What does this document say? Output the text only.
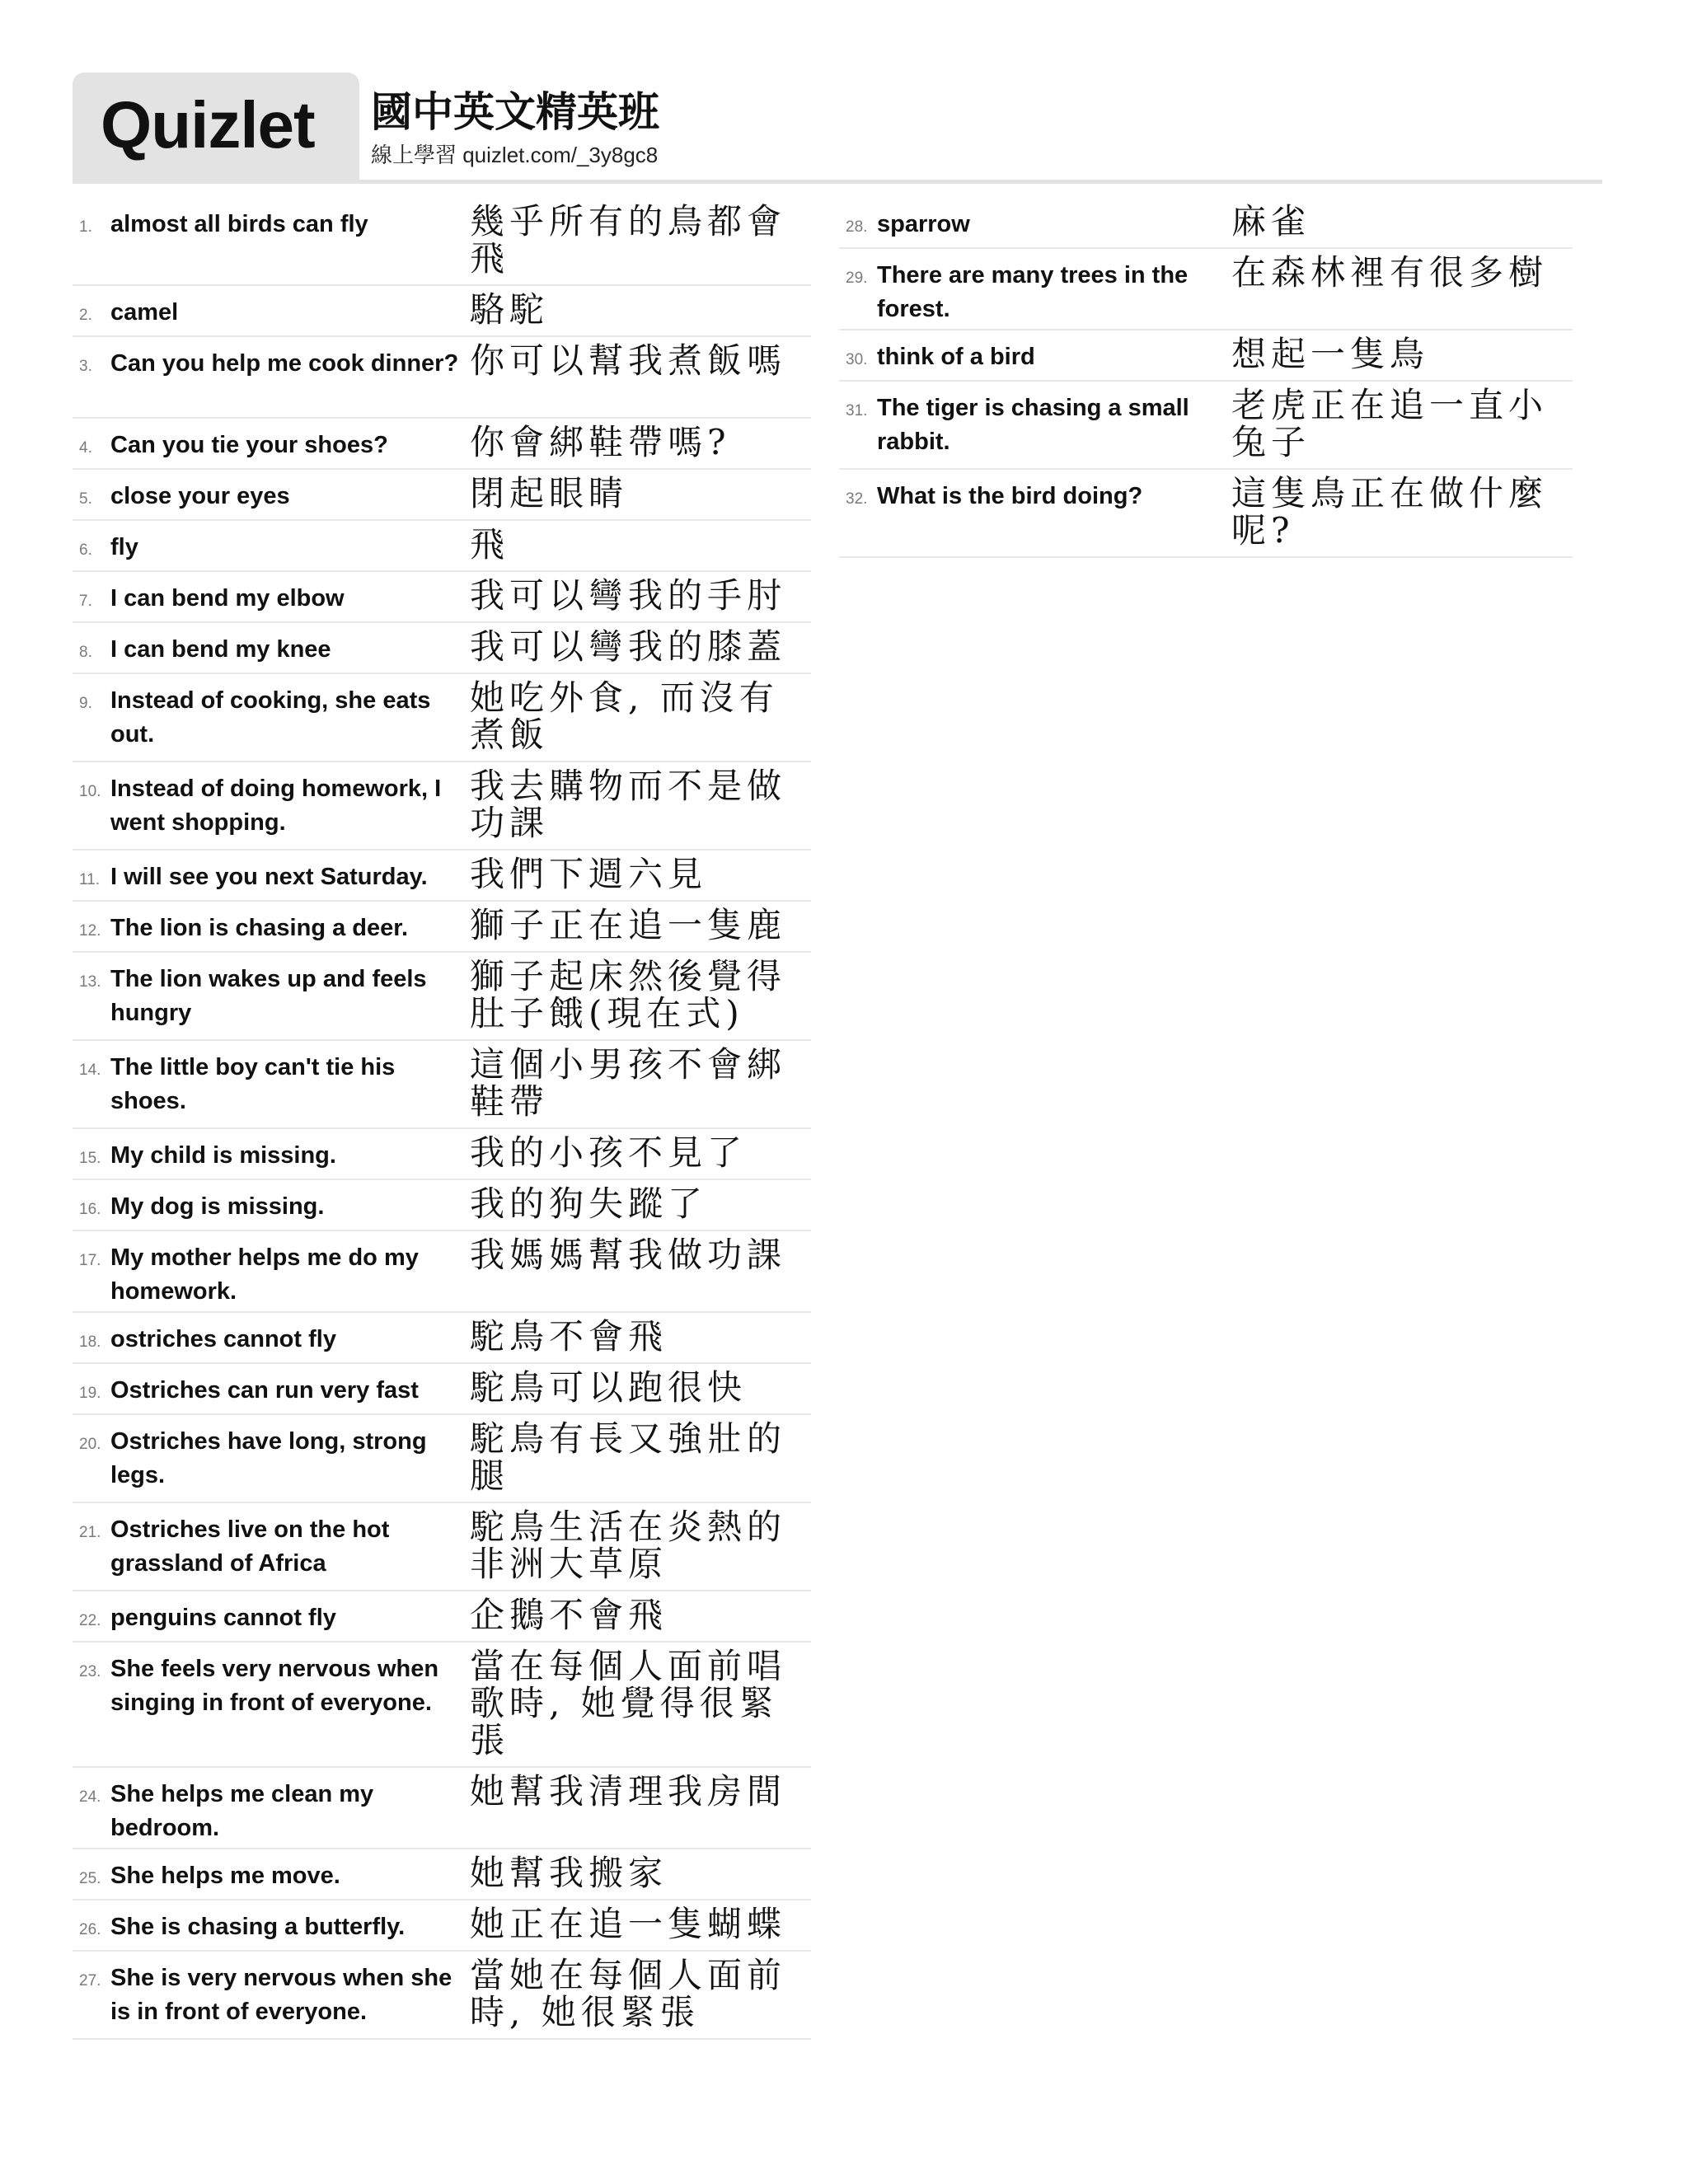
Quizlet 國中英文精英班
線上學習 quizlet.com/_3y8gc8
1. almost all birds can fly	幾乎所有的鳥都會飛
2. camel	駱駝
3. Can you help me cook dinner? 你可以幫我煮飯嗎
4. Can you tie your shoes?	你會綁鞋帶嗎?
5. close your eyes	閉起眼睛
6. fly	飛
7. I can bend my elbow	我可以彎我的手肘
8. I can bend my knee	我可以彎我的膝蓋
9. Instead of cooking, she eats out.
她吃外食, 而沒有煮飯
10. Instead of doing homework, I went shopping.
我去購物而不是做功課
11. I will see you next Saturday.	我們下週六見
12. The lion is chasing a deer.	獅子正在追一隻鹿
13. The lion wakes up and feels hungry
獅子起床然後覺得肚子餓(現在式)
14. The little boy can't tie his shoes.
這個小男孩不會綁鞋帶
15. My child is missing.	我的小孩不見了
16. My dog is missing.	我的狗失蹤了
17. My mother helps me do my homework.
我媽媽幫我做功課
18. ostriches cannot fly	駝鳥不會飛
19. Ostriches can run very fast	駝鳥可以跑很快
20. Ostriches have long, strong legs.
駝鳥有長又強壯的腿
21. Ostriches live on the hot grassland of Africa
駝鳥生活在炎熱的非洲大草原
22. penguins cannot fly	企鵝不會飛
23. She feels very nervous when singing in front of everyone.
當在每個人面前唱歌時, 她覺得很緊張
24. She helps me clean my bedroom.
她幫我清理我房間
25. She helps me move.	她幫我搬家
26. She is chasing a butterfly.	她正在追一隻蝴蝶
27. She is very nervous when she is in front of everyone.
當她在每個人面前時, 她很緊張
28. sparrow	麻雀
29. There are many trees in the forest.
在森林裡有很多樹
30. think of a bird	想起一隻鳥
31. The tiger is chasing a small rabbit.
老虎正在追一直小兔子
32. What is the bird doing?	這隻鳥正在做什麼呢?
